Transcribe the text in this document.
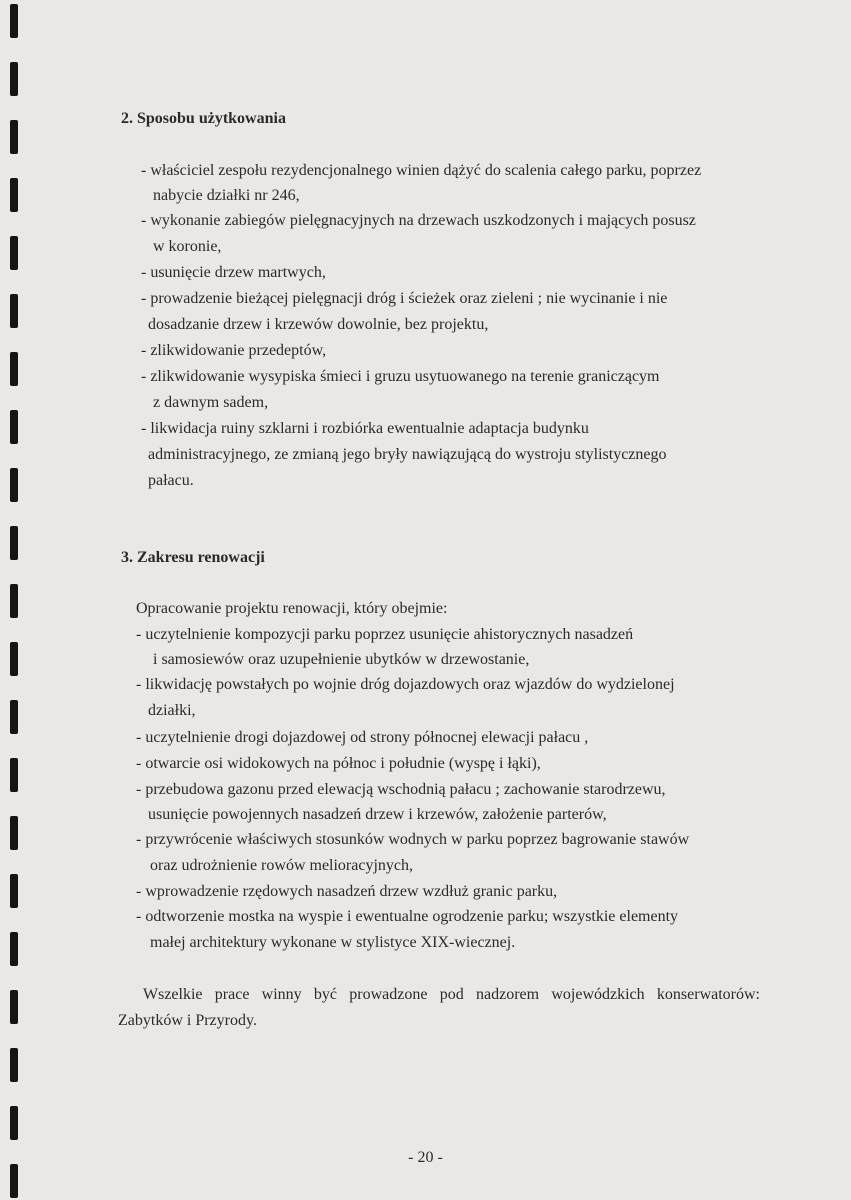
2. Sposobu użytkowania

- właściciel zespołu rezydencjonalnego winien dążyć do scalenia całego parku, poprzez

nabycie działki nr 246,

- wykonanie zabiegów pielęgnacyjnych na drzewach uszkodzonych i mających posusz

w koronie,

- usunięcie drzew martwych,

- prowadzenie bieżącej pielęgnacji dróg i ścieżek oraz zieleni ; nie wycinanie i nie

dosadzanie drzew i krzewów dowolnie, bez projektu,

- zlikwidowanie przedeptów,

- zlikwidowanie wysypiska śmieci i gruzu usytuowanego na terenie graniczącym

z dawnym sadem,

- likwidacja ruiny szklarni i rozbiórka ewentualnie adaptacja budynku

administracyjnego, ze zmianą jego bryły nawiązującą do wystroju stylistycznego

pałacu.

3. Zakresu renowacji

Opracowanie projektu renowacji, który obejmie:

- uczytelnienie kompozycji parku poprzez usunięcie ahistorycznych nasadzeń

i samosiewów oraz uzupełnienie ubytków w drzewostanie,

- likwidację powstałych po wojnie dróg dojazdowych oraz wjazdów do wydzielonej

działki,

- uczytelnienie drogi dojazdowej od strony północnej elewacji pałacu ,

- otwarcie osi widokowych na północ i południe (wyspę i łąki),

- przebudowa gazonu przed elewacją wschodnią pałacu ; zachowanie starodrzewu,

usunięcie powojennych nasadzeń drzew i krzewów, założenie parterów,

- przywrócenie właściwych stosunków wodnych w parku poprzez bagrowanie stawów

oraz udrożnienie rowów melioracyjnych,

- wprowadzenie rzędowych nasadzeń drzew wzdłuż granic parku,

- odtworzenie mostka na wyspie i ewentualne ogrodzenie parku; wszystkie elementy

małej architektury wykonane w stylistyce XIX-wiecznej.

Wszelkie prace winny być prowadzone pod nadzorem wojewódzkich konserwatorów:

Zabytków i Przyrody.

- 20 -
